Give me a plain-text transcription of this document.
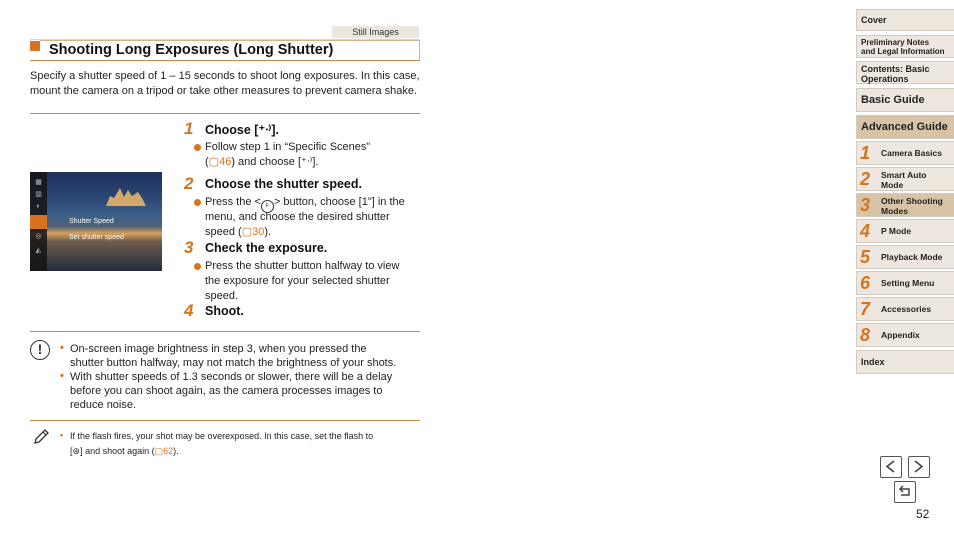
Still Images
Shooting Long Exposures (Long Shutter)
Specify a shutter speed of 1 – 15 seconds to shoot long exposures. In this case, mount the camera on a tripod or take other measures to prevent camera shake.
▦
▥
◐
◎
◭
Shutter Speed
Set shutter speed
1 Choose [⁺ᐧ⁾].
Follow step 1 in “Specific Scenes”
(▢46) and choose [⁺ᐧ⁾].
2 Choose the shutter speed.
Press the < F > button, choose [1"] in the
menu, and choose the desired shutter
speed (▢30).
3 Check the exposure.
Press the shutter button halfway to view
the exposure for your selected shutter
speed.
4 Shoot.
!	• On-screen image brightness in step 3, when you pressed the
shutter button halfway, may not match the brightness of your shots.
• With shutter speeds of 1.3 seconds or slower, there will be a delay
before you can shoot again, as the camera processes images to
reduce noise.
• If the flash fires, your shot may be overexposed. In this case, set the flash to
[⊛] and shoot again (▢62).
Cover
Preliminary Notes
and Legal Information
Contents: Basic
Operations
Basic Guide
Advanced Guide
1 Camera Basics
2 Smart Auto
Mode
3 Other Shooting
Modes
4 P Mode
5 Playback Mode
6 Setting Menu
7 Accessories
8 Appendix
Index
52
